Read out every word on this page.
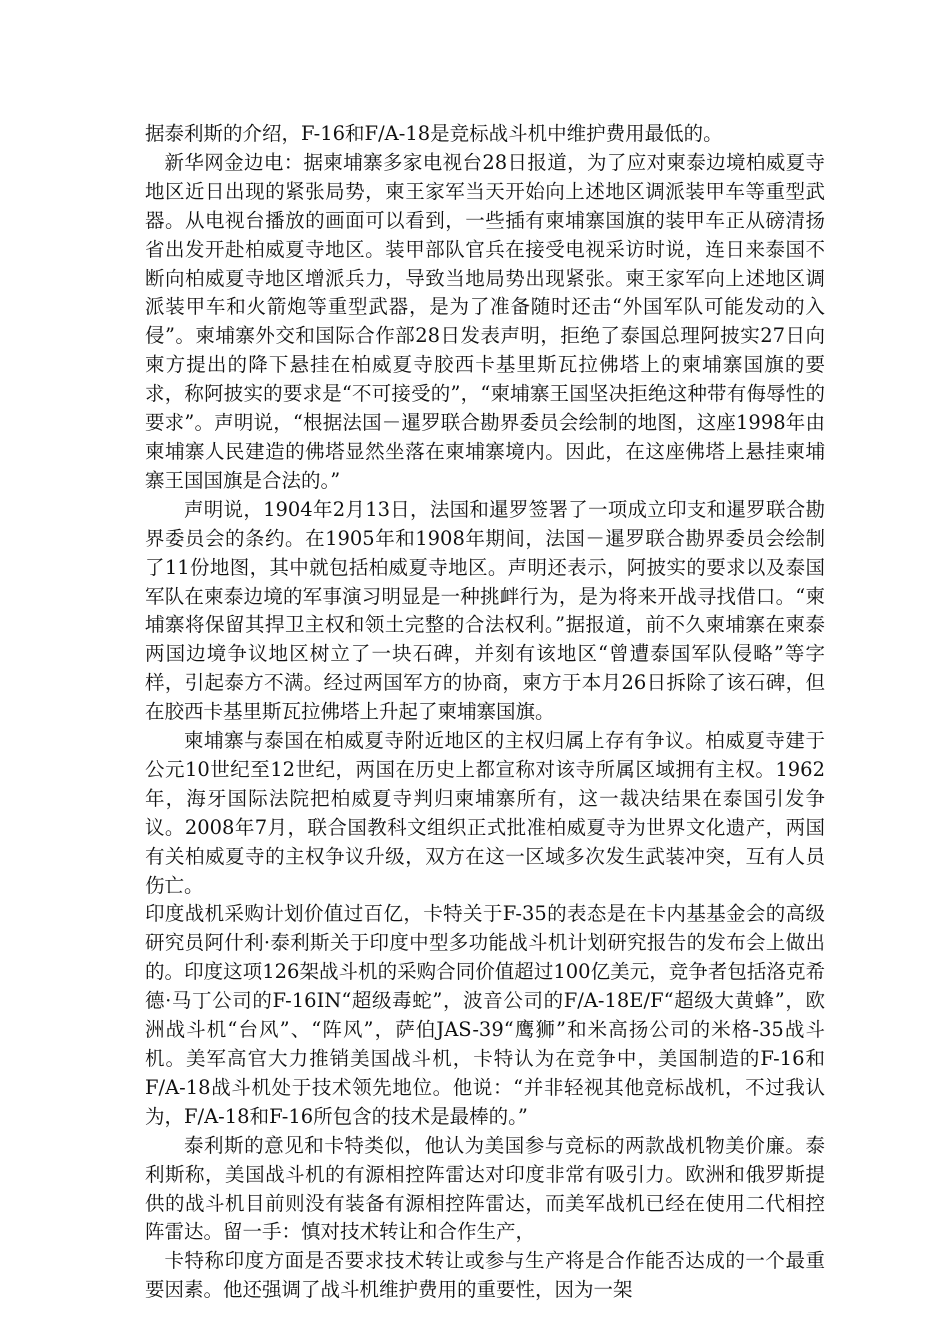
据泰利斯的介绍，F-16和F/A-18是竞标战斗机中维护费用最低的。

新华网金边电：据柬埔寨多家电视台28日报道，为了应对柬泰边境柏威夏寺地区近日出现的紧张局势，柬王家军当天开始向上述地区调派装甲车等重型武器。从电视台播放的画面可以看到，一些插有柬埔寨国旗的装甲车正从磅清扬省出发开赴柏威夏寺地区。装甲部队官兵在接受电视采访时说，连日来泰国不断向柏威夏寺地区增派兵力，导致当地局势出现紧张。柬王家军向上述地区调派装甲车和火箭炮等重型武器，是为了准备随时还击“外国军队可能发动的入侵”。柬埔寨外交和国际合作部28日发表声明，拒绝了泰国总理阿披实27日向柬方提出的降下悬挂在柏威夏寺胶西卡基里斯瓦拉佛塔上的柬埔寨国旗的要求，称阿披实的要求是“不可接受的”，“柬埔寨王国坚决拒绝这种带有侮辱性的要求”。声明说，“根据法国－暹罗联合勘界委员会绘制的地图，这座1998年由柬埔寨人民建造的佛塔显然坐落在柬埔寨境内。因此，在这座佛塔上悬挂柬埔寨王国国旗是合法的。”

声明说，1904年2月13日，法国和暹罗签署了一项成立印支和暹罗联合勘界委员会的条约。在1905年和1908年期间，法国－暹罗联合勘界委员会绘制了11份地图，其中就包括柏威夏寺地区。声明还表示，阿披实的要求以及泰国军队在柬泰边境的军事演习明显是一种挑衅行为，是为将来开战寻找借口。“柬埔寨将保留其捍卫主权和领土完整的合法权利。”据报道，前不久柬埔寨在柬泰两国边境争议地区树立了一块石碑，并刻有该地区“曾遭泰国军队侵略”等字样，引起泰方不满。经过两国军方的协商，柬方于本月26日拆除了该石碑，但在胶西卡基里斯瓦拉佛塔上升起了柬埔寨国旗。

柬埔寨与泰国在柏威夏寺附近地区的主权归属上存有争议。柏威夏寺建于公元10世纪至12世纪，两国在历史上都宣称对该寺所属区域拥有主权。1962年，海牙国际法院把柏威夏寺判归柬埔寨所有，这一裁决结果在泰国引发争议。2008年7月，联合国教科文组织正式批准柏威夏寺为世界文化遗产，两国有关柏威夏寺的主权争议升级，双方在这一区域多次发生武装冲突，互有人员伤亡。

印度战机采购计划价值过百亿，卡特关于F-35的表态是在卡内基基金会的高级研究员阿什利·泰利斯关于印度中型多功能战斗机计划研究报告的发布会上做出的。印度这项126架战斗机的采购合同价值超过100亿美元，竞争者包括洛克希德·马丁公司的F-16IN“超级毒蛇”，波音公司的F/A-18E/F“超级大黄蜂”，欧洲战斗机“台风”、“阵风”，萨伯JAS-39“鹰狮”和米高扬公司的米格-35战斗机。美军高官大力推销美国战斗机，卡特认为在竞争中，美国制造的F-16和F/A-18战斗机处于技术领先地位。他说：“并非轻视其他竞标战机，不过我认为，F/A-18和F-16所包含的技术是最棒的。”

泰利斯的意见和卡特类似，他认为美国参与竞标的两款战机物美价廉。泰利斯称，美国战斗机的有源相控阵雷达对印度非常有吸引力。欧洲和俄罗斯提供的战斗机目前则没有装备有源相控阵雷达，而美军战机已经在使用二代相控阵雷达。留一手：慎对技术转让和合作生产，

卡特称印度方面是否要求技术转让或参与生产将是合作能否达成的一个最重要因素。他还强调了战斗机维护费用的重要性，因为一架
